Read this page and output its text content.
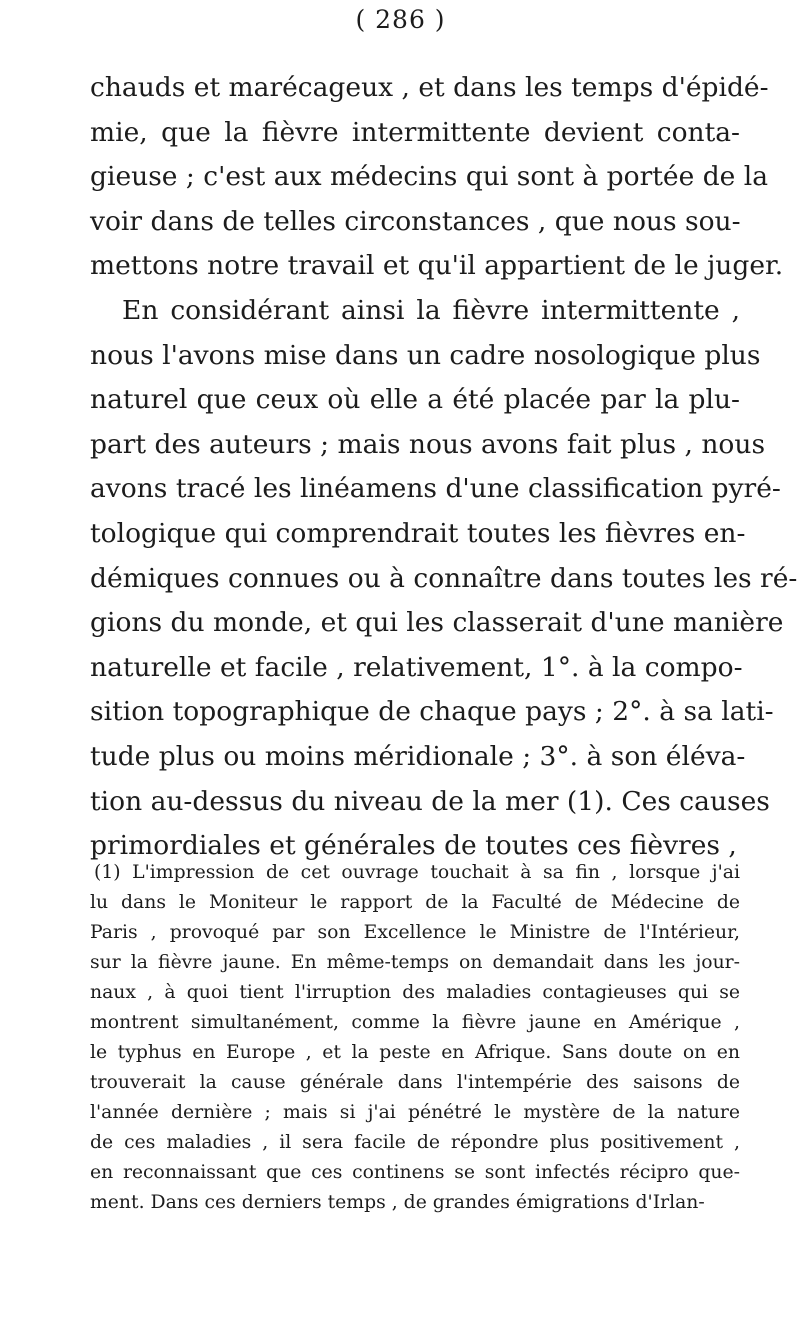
( 286 )
chauds et marécageux , et dans les temps d'épidé-
mie, que la fièvre intermittente devient conta-
gieuse ; c'est aux médecins qui sont à portée de la
voir dans de telles circonstances , que nous sou-
mettons notre travail et qu'il appartient de le juger.
En considérant ainsi la fièvre intermittente ,
nous l'avons mise dans un cadre nosologique plus
naturel que ceux où elle a été placée par la plu-
part des auteurs ; mais nous avons fait plus , nous
avons tracé les linéamens d'une classification pyré-
tologique qui comprendrait toutes les fièvres en-
démiques connues ou à connaître dans toutes les ré-
gions du monde, et qui les classerait d'une manière
naturelle et facile , relativement, 1°. à la compo-
sition topographique de chaque pays ; 2°. à sa lati-
tude plus ou moins méridionale ; 3°. à son éléva-
tion au-dessus du niveau de la mer (1). Ces causes
primordiales et générales de toutes ces fièvres ,
(1) L'impression de cet ouvrage touchait à sa fin , lorsque j'ai
lu dans le Moniteur le rapport de la Faculté de Médecine de
Paris , provoqué par son Excellence le Ministre de l'Intérieur,
sur la fièvre jaune. En même-temps on demandait dans les jour-
naux , à quoi tient l'irruption des maladies contagieuses qui se
montrent simultanément, comme la fièvre jaune en Amérique ,
le typhus en Europe , et la peste en Afrique. Sans doute on en
trouverait la cause générale dans l'intempérie des saisons de
l'année dernière ; mais si j'ai pénétré le mystère de la nature
de ces maladies , il sera facile de répondre plus positivement ,
en reconnaissant que ces continens se sont infectés récipro que-
ment. Dans ces derniers temps , de grandes émigrations d'Irlan-
